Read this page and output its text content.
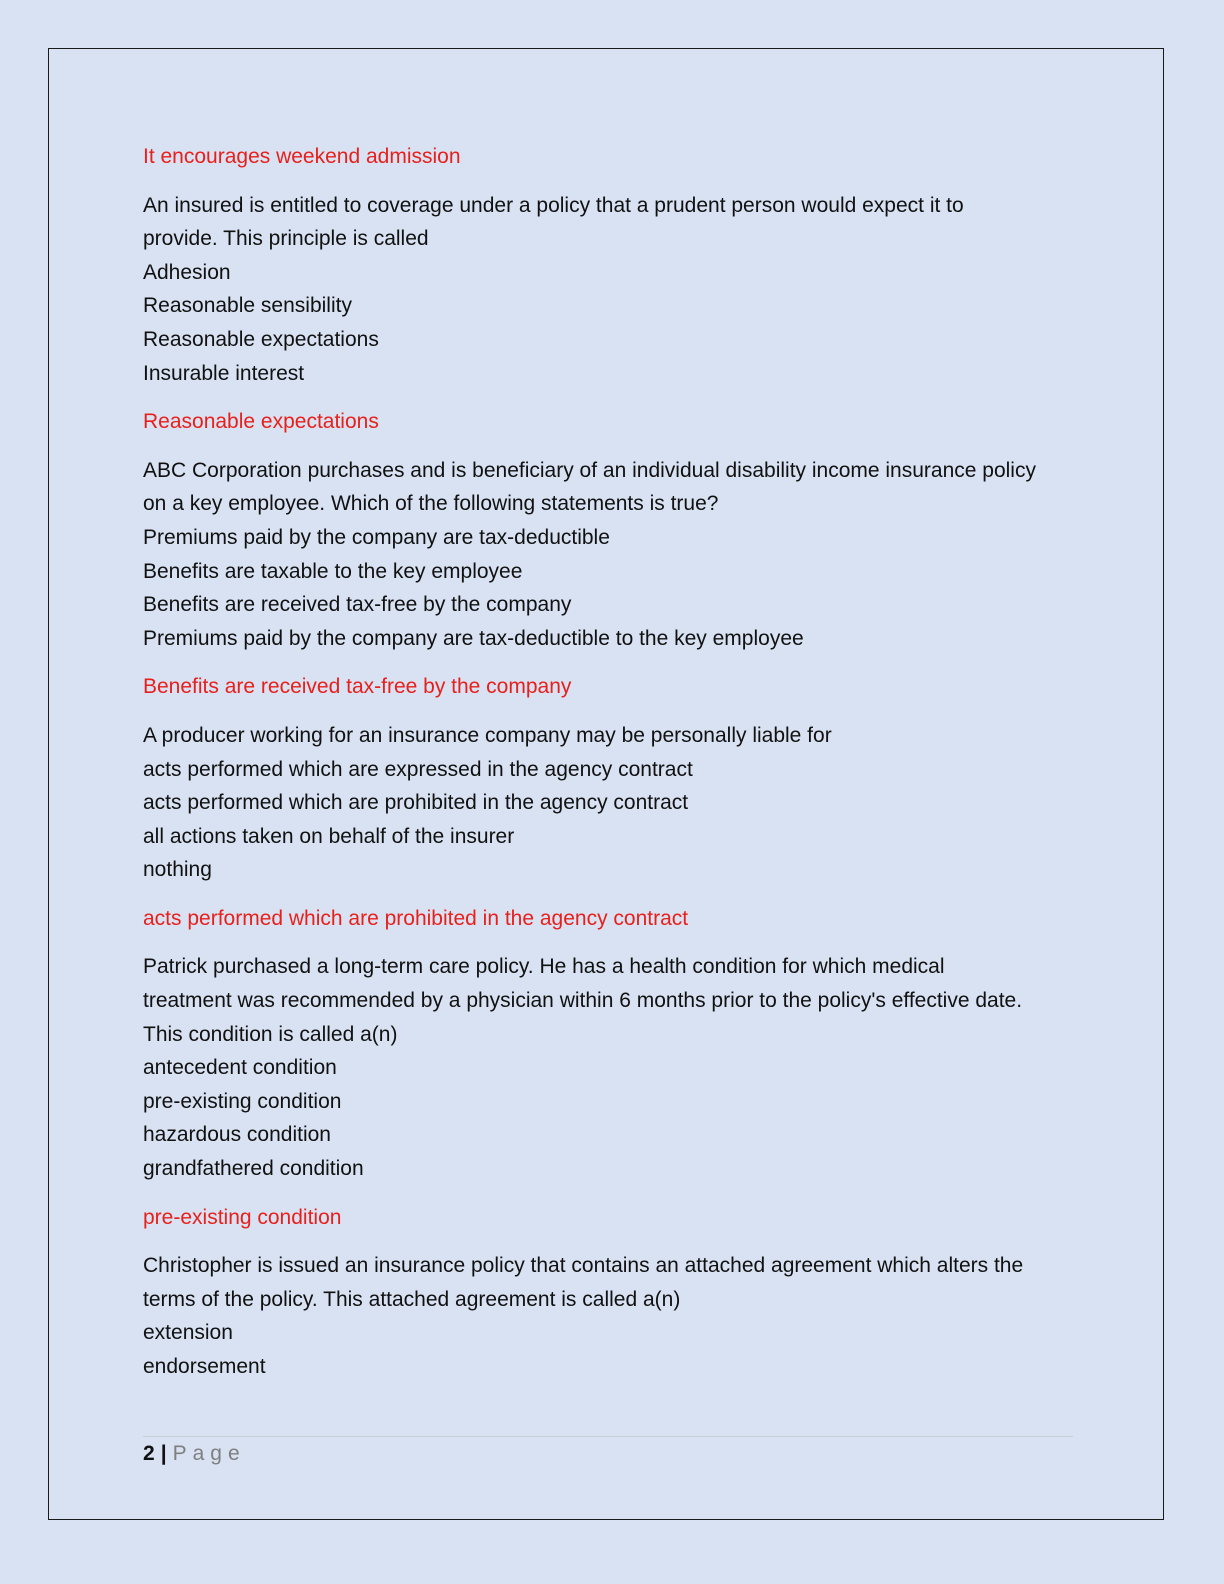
It encourages weekend admission
An insured is entitled to coverage under a policy that a prudent person would expect it to
provide. This principle is called
Adhesion
Reasonable sensibility
Reasonable expectations
Insurable interest
Reasonable expectations
ABC Corporation purchases and is beneficiary of an individual disability income insurance policy
on a key employee. Which of the following statements is true?
Premiums paid by the company are tax-deductible
Benefits are taxable to the key employee
Benefits are received tax-free by the company
Premiums paid by the company are tax-deductible to the key employee
Benefits are received tax-free by the company
A producer working for an insurance company may be personally liable for
acts performed which are expressed in the agency contract
acts performed which are prohibited in the agency contract
all actions taken on behalf of the insurer
nothing
acts performed which are prohibited in the agency contract
Patrick purchased a long-term care policy. He has a health condition for which medical
treatment was recommended by a physician within 6 months prior to the policy's effective date.
This condition is called a(n)
antecedent condition
pre-existing condition
hazardous condition
grandfathered condition
pre-existing condition
Christopher is issued an insurance policy that contains an attached agreement which alters the
terms of the policy. This attached agreement is called a(n)
extension
endorsement
2 | Page
